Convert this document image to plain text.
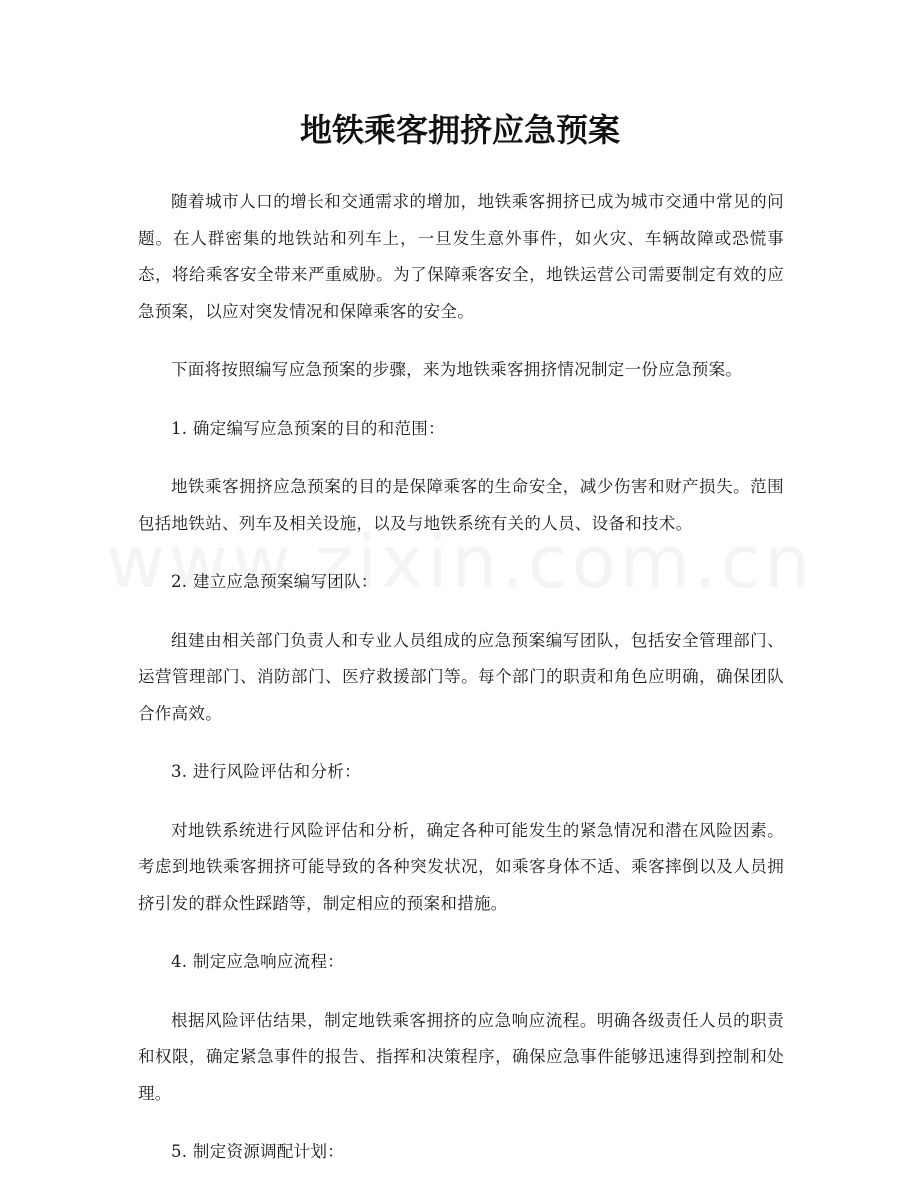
地铁乘客拥挤应急预案

随着城市人口的增长和交通需求的增加，地铁乘客拥挤已成为城市交通中常见的问题。在人群密集的地铁站和列车上，一旦发生意外事件，如火灾、车辆故障或恐慌事态，将给乘客安全带来严重威胁。为了保障乘客安全，地铁运营公司需要制定有效的应急预案，以应对突发情况和保障乘客的安全。

下面将按照编写应急预案的步骤，来为地铁乘客拥挤情况制定一份应急预案。

1. 确定编写应急预案的目的和范围：

地铁乘客拥挤应急预案的目的是保障乘客的生命安全，减少伤害和财产损失。范围包括地铁站、列车及相关设施，以及与地铁系统有关的人员、设备和技术。

2. 建立应急预案编写团队：

组建由相关部门负责人和专业人员组成的应急预案编写团队，包括安全管理部门、运营管理部门、消防部门、医疗救援部门等。每个部门的职责和角色应明确，确保团队合作高效。

3. 进行风险评估和分析：

对地铁系统进行风险评估和分析，确定各种可能发生的紧急情况和潜在风险因素。考虑到地铁乘客拥挤可能导致的各种突发状况，如乘客身体不适、乘客摔倒以及人员拥挤引发的群众性踩踏等，制定相应的预案和措施。

4. 制定应急响应流程：

根据风险评估结果，制定地铁乘客拥挤的应急响应流程。明确各级责任人员的职责和权限，确定紧急事件的报告、指挥和决策程序，确保应急事件能够迅速得到控制和处理。

5. 制定资源调配计划：
